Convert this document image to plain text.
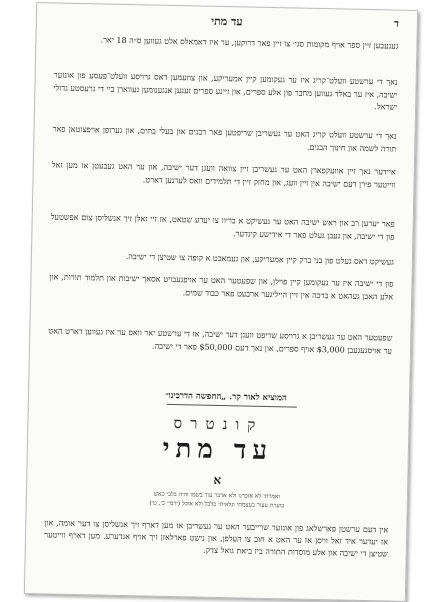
ד
עד מתי

געגעבען זיין ספר אויף מקומות סגי׳ צו זיין פאר דרוקען, ער איז דאמאלס אלט געווען ס״ה 18 יאר.

נאך די ערשטע וועלט־קריג איז ער געקומען קיין אמעריקע, און צוזעמען דאס גרויסע וועלט־פעסע פון אונזער ישיבה, איז ער באלד געווען מחבר פון אלע ספרים, און זיינע ספרים זענען אנגענומען געווארן ביי די גרעסטע גדולי ישראל.

נאך די ערשטע וועלט קריג האט ער געשריבן שריפטען פאר רבנים און בעלי בתים, און גערופן אויפצוטאן פאר תורה לשמה און חינוך הבנים.

איידער נאך זיין אוועקפארן האט ער געשריבן זיין צוואה וועגן דער ישיבה, און ער האט געבעטן אז מען זאל ווייטער פירן דעם ישיבה אין זיין וועג, און מחזק זיין די תלמידים וואס לערנען דארט.

פאר יערען רב און ראש ישיבה האט ער געשיקט א בריוו צו יעדע שטאט, אז זיי זאלן זיך אנשליסן צום אפשטעל פון די ישיבה, און געבן געלט פאר די אידישע קינדער.

געשיקט דאס געלט פון בני ברק קיין אמעריקע, און געמאכט א קופה צו שטיצן די ישיבה.

פון די ישיבה איז ער געקומען קיין פוילן, און שפעטער האט ער אויפגעבויט אסאך ישיבות און תלמוד תורות, און אלע האבן געהאט א ברכה אין זיין הייליגער ארבעט פאר כבוד שמים.

שפעטער האט ער געשריבן א גרויסע שריפט וועגן דער ישיבה, אז די ערשטע יאר וואס ער איז געווען דארט האט ער אויסגעגעבן $3,000 אויף ספרים, און נאך דעם $50,000 פאר די ישיבה.

המוציא לאור קר. „החפשה הדרכינו״
קונטרס
עד מתי
א
ואמרתי לא אזכרנו ולא אדבר עוד בשמו והיה בלבי כאש
בוערת עצור בעצמתי ונלאיתי כלכל ולא אוכל (ירמי׳ כ׳, ט׳)

אין דעם ערשטן פארשלאג פון אונזער שרייבער האט ער געשריבן אז מען דארף זיך אנשליסן צו דער אומה, און אז יעדער איד זאל וויסן אז ער האט א חוב צו העלפן, און נישט פארלאזן זיך אויף אנדערע. מען דארף ווייטער שטיצן די ישיבה און אלע מוסדות התורה ביז ביאת גואל צדק.
